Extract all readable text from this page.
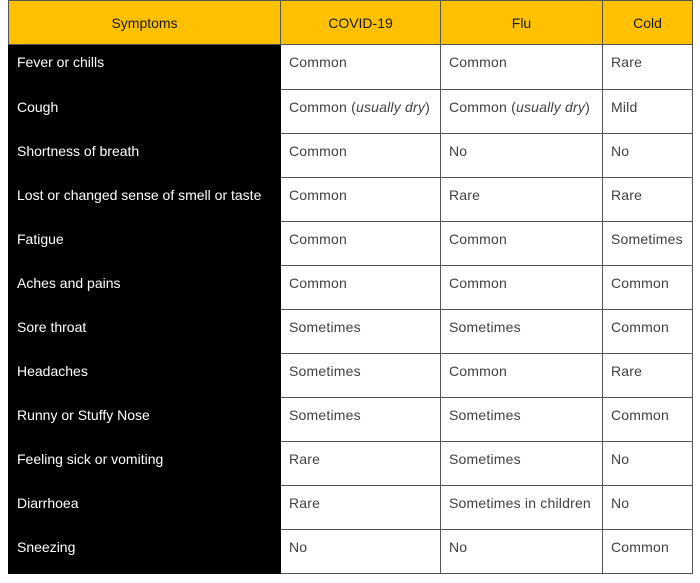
Symptoms	COVID-19	Flu	Cold
Fever or chills	Common	Common	Rare
Cough	Common (usually dry)	Common (usually dry)	Mild
Shortness of breath	Common	No	No
Lost or changed sense of smell or taste	Common	Rare	Rare
Fatigue	Common	Common	Sometimes
Aches and pains	Common	Common	Common
Sore throat	Sometimes	Sometimes	Common
Headaches	Sometimes	Common	Rare
Runny or Stuffy Nose	Sometimes	Sometimes	Common
Feeling sick or vomiting	Rare	Sometimes	No
Diarrhoea	Rare	Sometimes in children	No
Sneezing	No	No	Common
